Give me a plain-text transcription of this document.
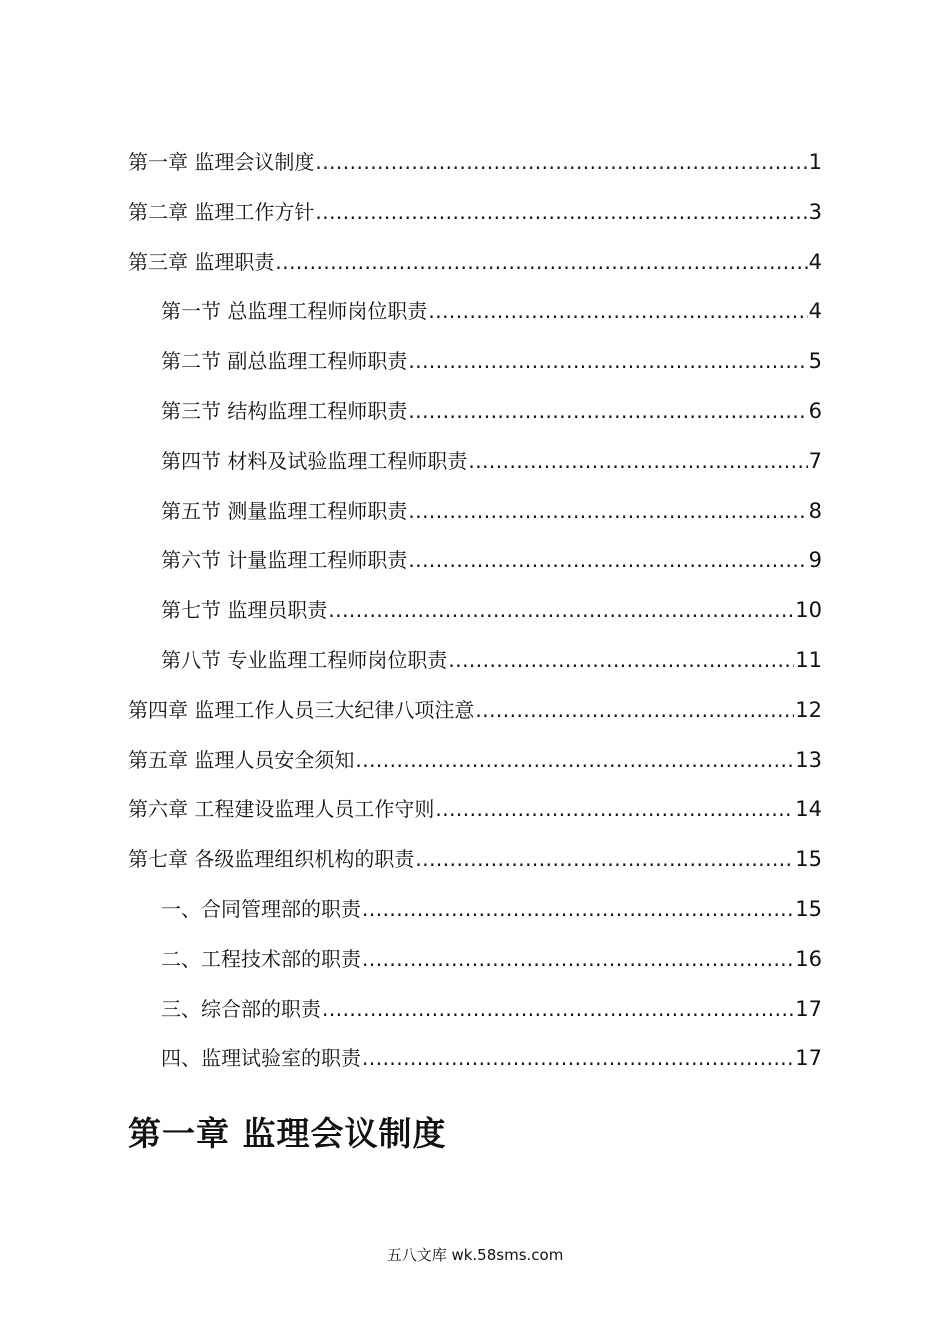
第一章 监理会议制度 .....	1
第二章 监理工作方针 .....	3
第三章 监理职责 .....	4
第一节 总监理工程师岗位职责 .....	4
第二节 副总监理工程师职责 .....	5
第三节 结构监理工程师职责 .....	6
第四节 材料及试验监理工程师职责 .....	7
第五节 测量监理工程师职责 .....	8
第六节 计量监理工程师职责 .....	9
第七节 监理员职责 .....	10
第八节 专业监理工程师岗位职责 .....	11
第四章 监理工作人员三大纪律八项注意 .....	12
第五章 监理人员安全须知 .....	13
第六章 工程建设监理人员工作守则 .....	14
第七章 各级监理组织机构的职责 .....	15
一、合同管理部的职责 .....	15
二、工程技术部的职责 .....	16
三、综合部的职责 .....	17
四、监理试验室的职责 .....	17
第一章 监理会议制度
五八文库 wk.58sms.com
